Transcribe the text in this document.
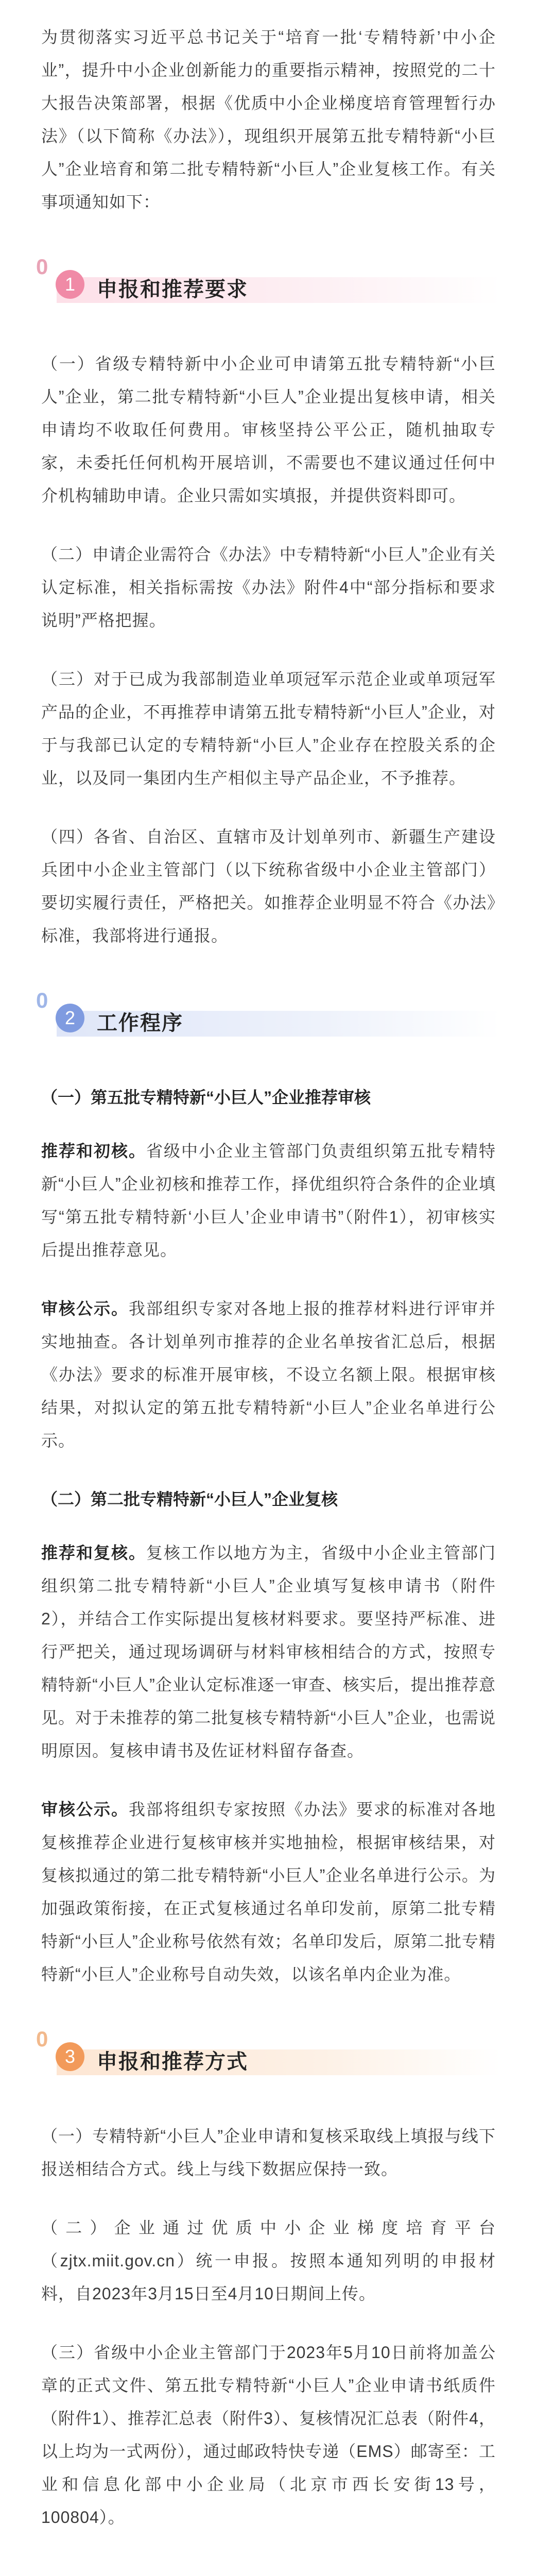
为贯彻落实习近平总书记关于“培育一批‘专精特新’中小企业”，提升中小企业创新能力的重要指示精神，按照党的二十大报告决策部署，根据《优质中小企业梯度培育管理暂行办法》（以下简称《办法》），现组织开展第五批专精特新“小巨人”企业培育和第二批专精特新“小巨人”企业复核工作。有关事项通知如下：

0
1	申报和推荐要求

（一）省级专精特新中小企业可申请第五批专精特新“小巨人”企业，第二批专精特新“小巨人”企业提出复核申请，相关申请均不收取任何费用。审核坚持公平公正，随机抽取专家，未委托任何机构开展培训，不需要也不建议通过任何中介机构辅助申请。企业只需如实填报，并提供资料即可。

（二）申请企业需符合《办法》中专精特新“小巨人”企业有关认定标准，相关指标需按《办法》附件4中“部分指标和要求说明”严格把握。

（三）对于已成为我部制造业单项冠军示范企业或单项冠军产品的企业，不再推荐申请第五批专精特新“小巨人”企业，对于与我部已认定的专精特新“小巨人”企业存在控股关系的企业，以及同一集团内生产相似主导产品企业，不予推荐。

（四）各省、自治区、直辖市及计划单列市、新疆生产建设兵团中小企业主管部门（以下统称省级中小企业主管部门）要切实履行责任，严格把关。如推荐企业明显不符合《办法》标准，我部将进行通报。

0
2	工作程序
（一）第五批专精特新“小巨人”企业推荐审核

推荐和初核。省级中小企业主管部门负责组织第五批专精特新“小巨人”企业初核和推荐工作，择优组织符合条件的企业填写“第五批专精特新‘小巨人’企业申请书”（附件1），初审核实后提出推荐意见。

审核公示。我部组织专家对各地上报的推荐材料进行评审并实地抽查。各计划单列市推荐的企业名单按省汇总后，根据《办法》要求的标准开展审核，不设立名额上限。根据审核结果，对拟认定的第五批专精特新“小巨人”企业名单进行公示。

（二）第二批专精特新“小巨人”企业复核

推荐和复核。复核工作以地方为主，省级中小企业主管部门组织第二批专精特新“小巨人”企业填写复核申请书（附件2），并结合工作实际提出复核材料要求。要坚持严标准、进行严把关，通过现场调研与材料审核相结合的方式，按照专精特新“小巨人”企业认定标准逐一审查、核实后，提出推荐意见。对于未推荐的第二批复核专精特新“小巨人”企业，也需说明原因。复核申请书及佐证材料留存备查。

审核公示。我部将组织专家按照《办法》要求的标准对各地复核推荐企业进行复核审核并实地抽检，根据审核结果，对复核拟通过的第二批专精特新“小巨人”企业名单进行公示。为加强政策衔接，在正式复核通过名单印发前，原第二批专精特新“小巨人”企业称号依然有效；名单印发后，原第二批专精特新“小巨人”企业称号自动失效，以该名单内企业为准。

0
3	申报和推荐方式

（一）专精特新“小巨人”企业申请和复核采取线上填报与线下报送相结合方式。线上与线下数据应保持一致。

（二）企业通过优质中小企业梯度培育平台（zjtx.miit.gov.cn）统一申报。按照本通知列明的申报材料，自2023年3月15日至4月10日期间上传。

（三）省级中小企业主管部门于2023年5月10日前将加盖公章的正式文件、第五批专精特新“小巨人”企业申请书纸质件（附件1）、推荐汇总表（附件3）、复核情况汇总表（附件4，以上均为一式两份），通过邮政特快专递（EMS）邮寄至：工业和信息化部中小企业局（北京市西长安街13号，100804）。
